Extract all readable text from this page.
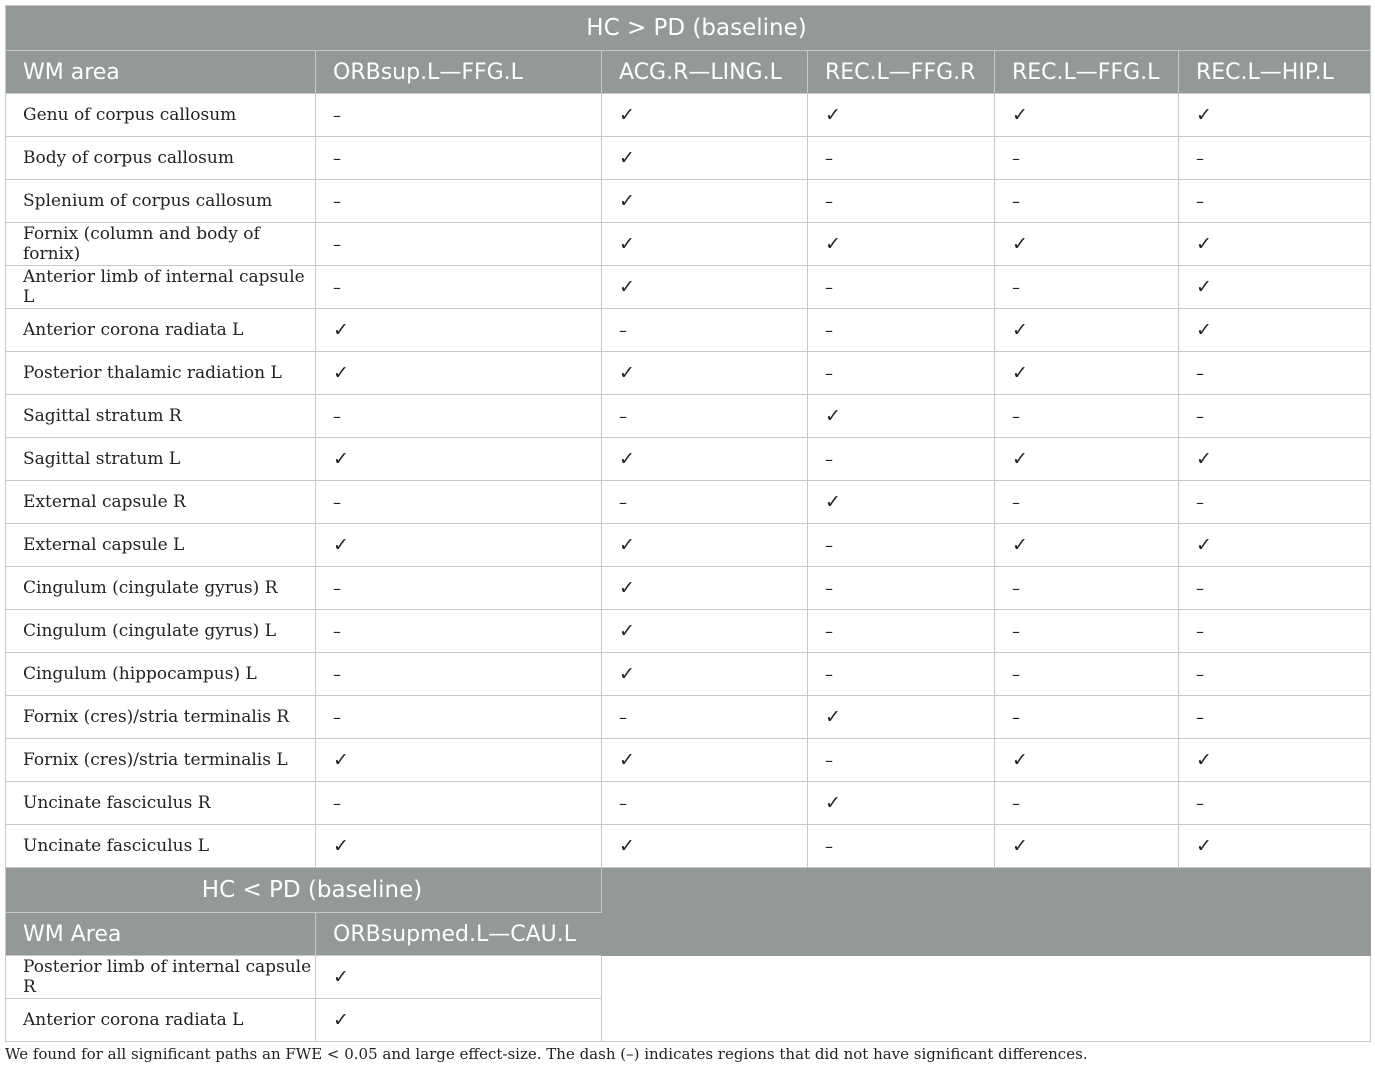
HC > PD (baseline)					
WM area	ORBsup.L—FFG.L	ACG.R—LING.L	REC.L—FFG.R	REC.L—FFG.L	REC.L—HIP.L
Genu of corpus callosum	–	✓	✓	✓	✓
Body of corpus callosum	–	✓	–	–	–
Splenium of corpus callosum	–	✓	–	–	–
Fornix (column and body of fornix)	–	✓	✓	✓	✓
Anterior limb of internal capsule L	–	✓	–	–	✓
Anterior corona radiata L	✓	–	–	✓	✓
Posterior thalamic radiation L	✓	✓	–	✓	–
Sagittal stratum R	–	–	✓	–	–
Sagittal stratum L	✓	✓	–	✓	✓
External capsule R	–	–	✓	–	–
External capsule L	✓	✓	–	✓	✓
Cingulum (cingulate gyrus) R	–	✓	–	–	–
Cingulum (cingulate gyrus) L	–	✓	–	–	–
Cingulum (hippocampus) L	–	✓	–	–	–
Fornix (cres)/stria terminalis R	–	–	✓	–	–
Fornix (cres)/stria terminalis L	✓	✓	–	✓	✓
Uncinate fasciculus R	–	–	✓	–	–
Uncinate fasciculus L	✓	✓	–	✓	✓
HC < PD (baseline)					
WM Area	ORBsupmed.L—CAU.L				
Posterior limb of internal capsule R	✓				
Anterior corona radiata L	✓				
We found for all significant paths an FWE < 0.05 and large effect-size. The dash (–) indicates regions that did not have significant differences.
